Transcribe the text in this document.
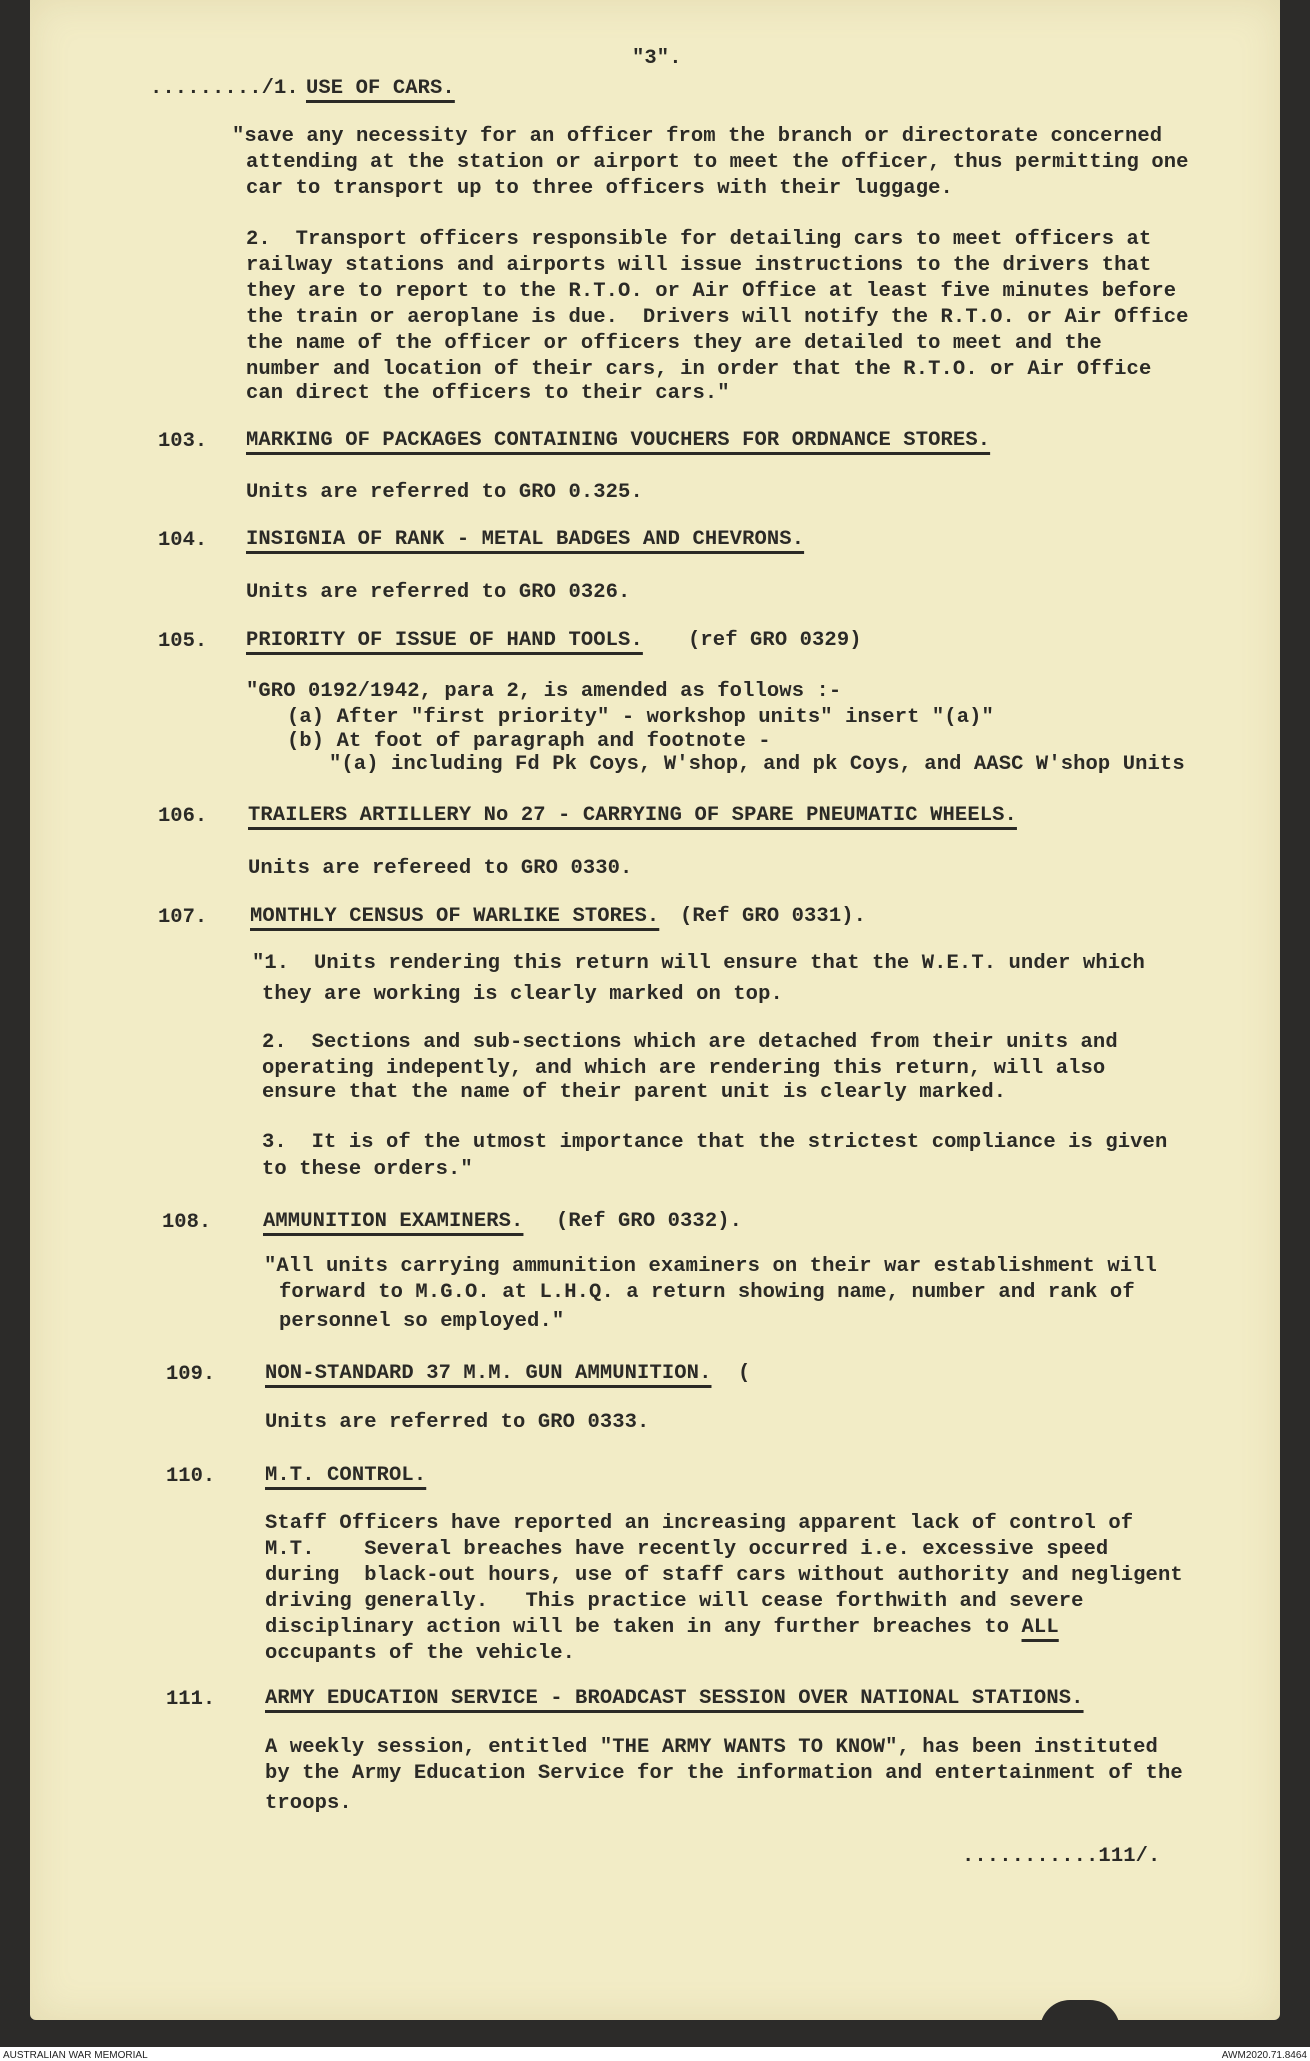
"3".
........./1. USE OF CARS.
"save any necessity for an officer from the branch or directorate concerned
attending at the station or airport to meet the officer, thus permitting one
car to transport up to three officers with their luggage.
2.  Transport officers responsible for detailing cars to meet officers at
railway stations and airports will issue instructions to the drivers that
they are to report to the R.T.O. or Air Office at least five minutes before
the train or aeroplane is due.  Drivers will notify the R.T.O. or Air Office
the name of the officer or officers they are detailed to meet and the
number and location of their cars, in order that the R.T.O. or Air Office
can direct the officers to their cars."
103. MARKING OF PACKAGES CONTAINING VOUCHERS FOR ORDNANCE STORES.
Units are referred to GRO 0.325.
104. INSIGNIA OF RANK - METAL BADGES AND CHEVRONS.
Units are referred to GRO 0326.
105. PRIORITY OF ISSUE OF HAND TOOLS. (ref GRO 0329)
"GRO 0192/1942, para 2, is amended as follows :-
(a) After "first priority" - workshop units" insert "(a)"
(b) At foot of paragraph and footnote -
"(a) including Fd Pk Coys, W'shop, and pk Coys, and AASC W'shop Units
106. TRAILERS ARTILLERY No 27 - CARRYING OF SPARE PNEUMATIC WHEELS.
Units are refereed to GRO 0330.
107. MONTHLY CENSUS OF WARLIKE STORES. (Ref GRO 0331).
"1.  Units rendering this return will ensure that the W.E.T. under which
they are working is clearly marked on top.
2.  Sections and sub-sections which are detached from their units and
operating indepently, and which are rendering this return, will also
ensure that the name of their parent unit is clearly marked.
3.  It is of the utmost importance that the strictest compliance is given
to these orders."
108.	AMMUNITION EXAMINERS. (Ref GRO 0332).
"All units carrying ammunition examiners on their war establishment will
forward to M.G.O. at L.H.Q. a return showing name, number and rank of
personnel so employed."
109. NON-STANDARD 37 M.M. GUN AMMUNITION. (
Units are referred to GRO 0333.
110. M.T. CONTROL.
Staff Officers have reported an increasing apparent lack of control of
M.T.    Several breaches have recently occurred i.e. excessive speed
during  black-out hours, use of staff cars without authority and negligent
driving generally.   This practice will cease forthwith and severe
disciplinary action will be taken in any further breaches to ALL
occupants of the vehicle.
111. ARMY EDUCATION SERVICE - BROADCAST SESSION OVER NATIONAL STATIONS.
A weekly session, entitled "THE ARMY WANTS TO KNOW", has been instituted
by the Army Education Service for the information and entertainment of the
troops.
...........111/.
AUSTRALIAN WAR MEMORIAL	AWM2020.71.8464
